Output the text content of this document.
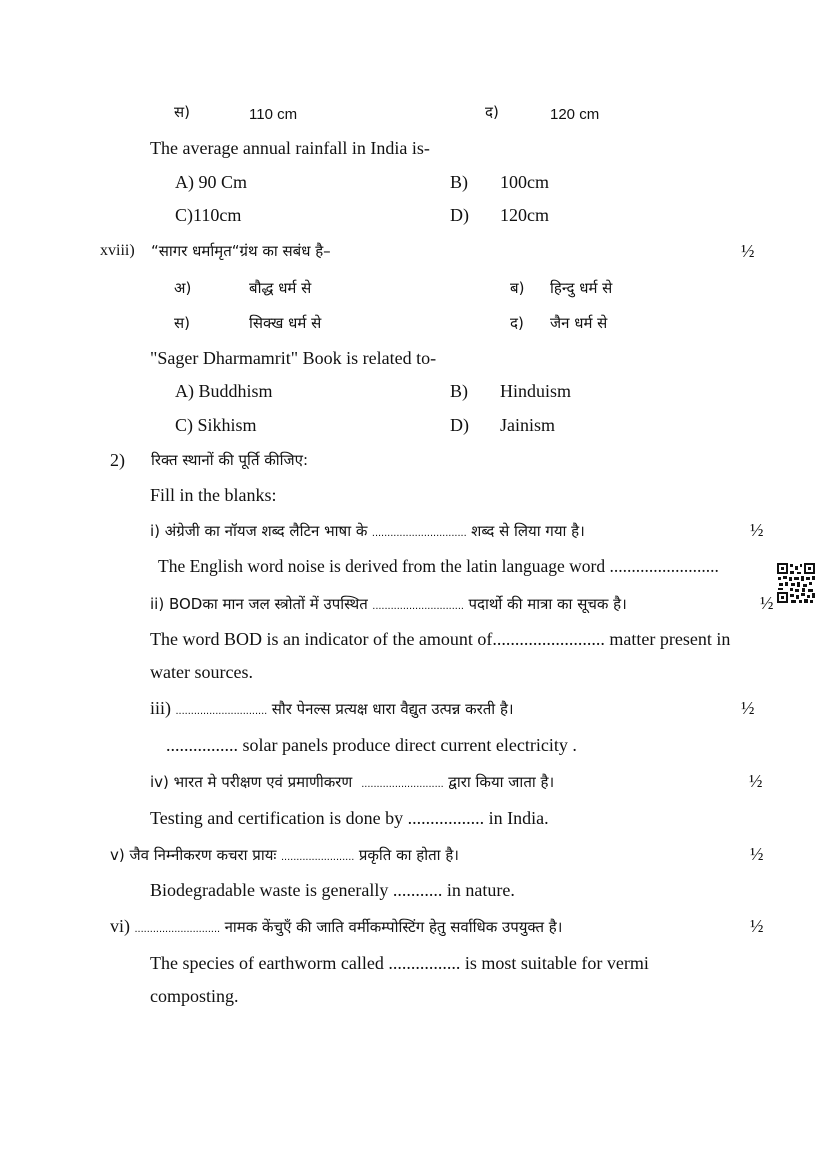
स)	110 cm	द)	120 cm
The average annual rainfall in India is-
A) 90 Cm	B) 100cm
C)110cm	D) 120cm
xviii) “सागर धर्मामृत“ग्रंथ का सबंध है–	½
अ)	बौद्ध धर्म से	ब) हिन्दु धर्म से
स)	सिक्ख धर्म से	द) जैन धर्म से
"Sager Dharmamrit" Book is related to-
A) Buddhism	B) Hinduism
C) Sikhism	D) Jainism
2) रिक्त स्थानों की पूर्ति कीजिए:
Fill in the blanks:
i) अंग्रेजी का नॉयज शब्द लैटिन भाषा के ............................... शब्द से लिया गया है।	½
The English word noise is derived from the latin language word .........................
ii) BODका मान जल स्त्रोतों में उपस्थित .............................. पदार्थो की मात्रा का सूचक है।	½
The word BOD is an indicator of the amount of......................... matter present in
water sources.
iii) .............................. सौर पेनल्स प्रत्यक्ष धारा वैद्युत उत्पन्न करती है।	½
................ solar panels produce direct current electricity .
iv) भारत मे परीक्षण एवं प्रमाणीकरण ........................... द्वारा किया जाता है।	½
Testing and certification is done by ................. in India.
v) जैव निम्नीकरण कचरा प्रायः ........................ प्रकृति का होता है।	½
Biodegradable waste is generally ........... in nature.
vi) ............................ नामक केंचुएँ की जाति वर्मीकम्पोस्टिंग हेतु सर्वाधिक उपयुक्त है।	½
The species of earthworm called ................ is most suitable for vermi
composting.
